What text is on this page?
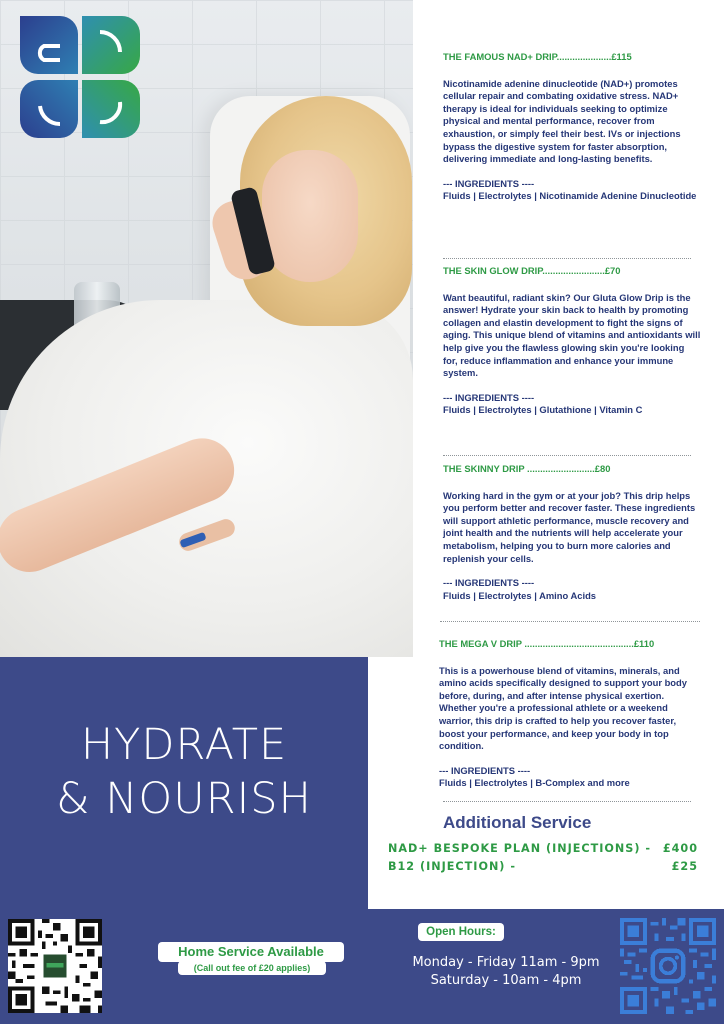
HYDRATE
& NOURISH
THE FAMOUS NAD+ DRIP.....................£115
Nicotinamide adenine dinucleotide (NAD+) promotes cellular repair and combating oxidative stress. NAD+ therapy is ideal for individuals seeking to optimize physical and mental performance, recover from exhaustion, or simply feel their best. IVs or injections bypass the digestive system for faster absorption, delivering immediate and long-lasting benefits.
--- INGREDIENTS ----
Fluids | Electrolytes | Nicotinamide Adenine Dinucleotide
THE SKIN GLOW DRIP........................£70
Want beautiful, radiant skin? Our Gluta Glow Drip is the answer! Hydrate your skin back to health by promoting collagen and elastin development to fight the signs of aging. This unique blend of vitamins and antioxidants will help give you the flawless glowing skin you're looking for, reduce inflammation and enhance your immune system.
--- INGREDIENTS ----
Fluids | Electrolytes | Glutathione | Vitamin C
THE SKINNY DRIP ..........................£80
Working hard in the gym or at your job? This drip helps you perform better and recover faster. These ingredients will support athletic performance, muscle recovery and joint health and the nutrients will help accelerate your metabolism, helping you to burn more calories and replenish your cells.
--- INGREDIENTS ----
Fluids | Electrolytes | Amino Acids
THE MEGA V DRIP ..........................................£110
This is a powerhouse blend of vitamins, minerals, and amino acids specifically designed to support your body before, during, and after intense physical exertion. Whether you're a professional athlete or a weekend warrior, this drip is crafted to help you recover faster, boost your performance, and keep your body in top condition.
--- INGREDIENTS ----
Fluids | Electrolytes | B-Complex and more
Additional Service
NAD+ BESPOKE PLAN (INJECTIONS) - £400
B12 (INJECTION) -	£25
Home Service Available
(Call out fee of £20 applies)
Open Hours:
Monday - Friday 11am - 9pm
Saturday - 10am - 4pm
